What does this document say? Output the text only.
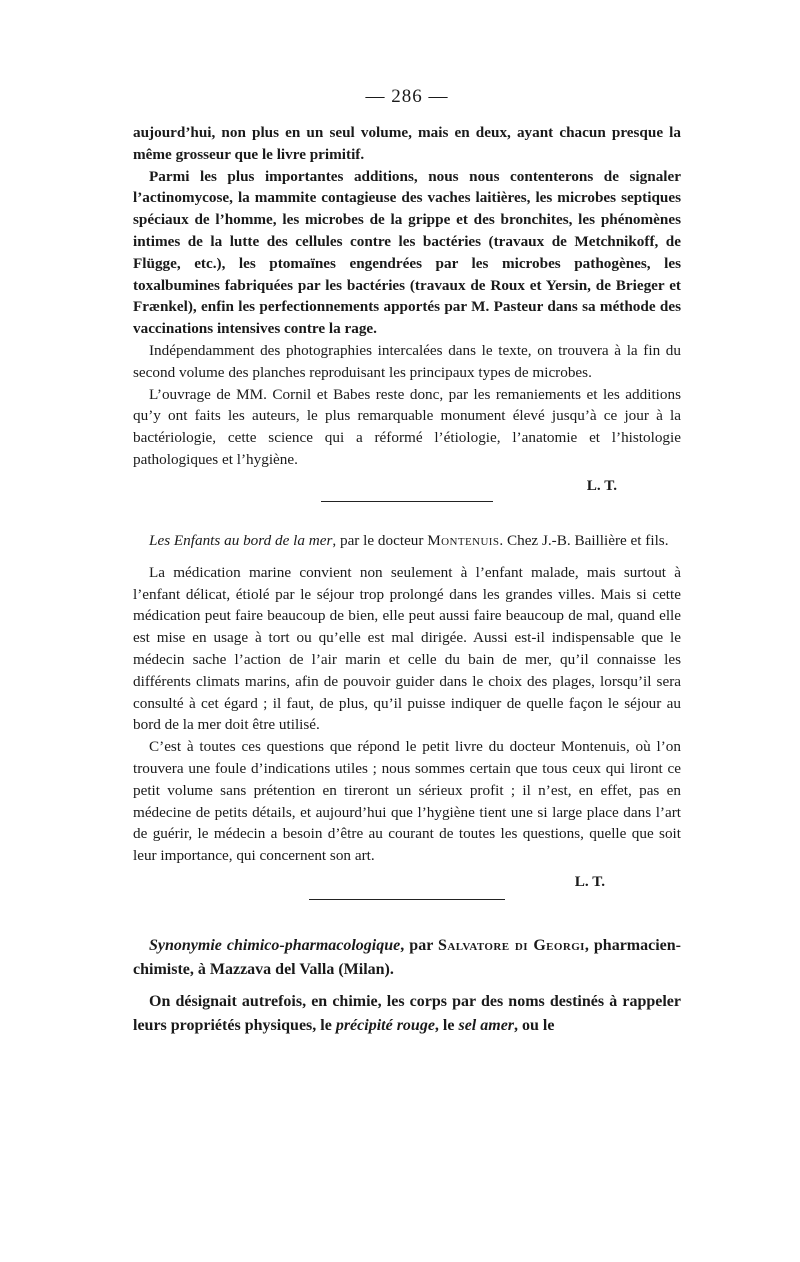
— 286 —

aujourd’hui, non plus en un seul volume, mais en deux, ayant chacun presque la même grosseur que le livre primitif.

Parmi les plus importantes additions, nous nous contenterons de signaler l’actinomycose, la mammite contagieuse des vaches laitières, les microbes septiques spéciaux de l’homme, les microbes de la grippe et des bronchites, les phénomènes intimes de la lutte des cellules contre les bactéries (travaux de Metchnikoff, de Flügge, etc.), les ptomaïnes engendrées par les microbes pathogènes, les toxalbumines fabriquées par les bactéries (travaux de Roux et Yersin, de Brieger et Frænkel), enfin les perfectionnements apportés par M. Pasteur dans sa méthode des vaccinations intensives contre la rage.

Indépendamment des photographies intercalées dans le texte, on trouvera à la fin du second volume des planches reproduisant les principaux types de microbes.

L’ouvrage de MM. Cornil et Babes reste donc, par les remaniements et les additions qu’y ont faits les auteurs, le plus remarquable monument élevé jusqu’à ce jour à la bactériologie, cette science qui a réformé l’étiologie, l’anatomie et l’histologie pathologiques et l’hygiène.

L. T.
Les Enfants au bord de la mer, par le docteur Montenuis. Chez J.-B. Baillière et fils.

La médication marine convient non seulement à l’enfant malade, mais surtout à l’enfant délicat, étiolé par le séjour trop prolongé dans les grandes villes. Mais si cette médication peut faire beaucoup de bien, elle peut aussi faire beaucoup de mal, quand elle est mise en usage à tort ou qu’elle est mal dirigée. Aussi est-il indispensable que le médecin sache l’action de l’air marin et celle du bain de mer, qu’il connaisse les différents climats marins, afin de pouvoir guider dans le choix des plages, lorsqu’il sera consulté à cet égard ; il faut, de plus, qu’il puisse indiquer de quelle façon le séjour au bord de la mer doit être utilisé.

C’est à toutes ces questions que répond le petit livre du docteur Montenuis, où l’on trouvera une foule d’indications utiles ; nous sommes certain que tous ceux qui liront ce petit volume sans prétention en tireront un sérieux profit ; il n’est, en effet, pas en médecine de petits détails, et aujourd’hui que l’hygiène tient une si large place dans l’art de guérir, le médecin a besoin d’être au courant de toutes les questions, quelle que soit leur importance, qui concernent son art.

L. T.
Synonymie chimico-pharmacologique, par Salvatore di Georgi, pharmacien-chimiste, à Mazzava del Valla (Milan).
On désignait autrefois, en chimie, les corps par des noms destinés à rappeler leurs propriétés physiques, le précipité rouge, le sel amer, ou le
